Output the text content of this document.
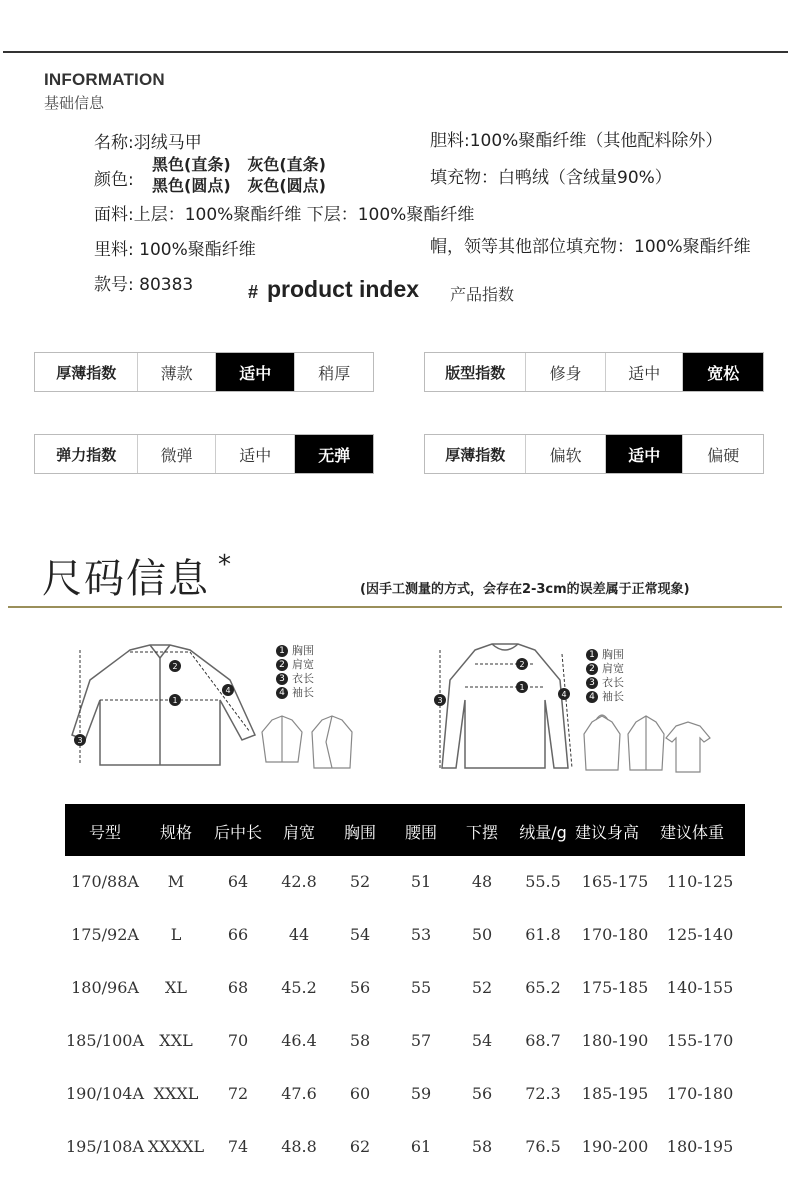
INFORMATION
基础信息
名称:羽绒马甲	胆料:100%聚酯纤维（其他配料除外）
颜色:
黑色(直条)   灰色(直条)
黑色(圆点)   灰色(圆点)	填充物：白鸭绒（含绒量90%）
面料:上层：100%聚酯纤维 下层：100%聚酯纤维
里料: 100%聚酯纤维	帽，领等其他部位填充物：100%聚酯纤维
款号: 80383	# product index 产品指数
厚薄指数	薄款	适中	稍厚	版型指数	修身	适中	宽松
弹力指数	微弹	适中	无弹	厚薄指数	偏软	适中	偏硬
尺码信息 *
(因手工测量的方式，会存在2-3cm的误差属于正常现象)
1
2
3
4
1 胸围
2 肩宽
3 衣长
4 袖长	1
2
3
4
1 胸围
2 肩宽
3 衣长
4 袖长
号型 规格 后中长 肩宽 胸围 腰围 下摆 绒量/g 建议身高 建议体重
170/88A M	64 42.8 52	51	48 55.5 165-175 110-125
175/92A L	66	44	54	53	50 61.8 170-180 125-140
180/96A XL	68 45.2 56	55	52 65.2 175-185 140-155
185/100A XXL 70 46.4 58	57	54 68.7 180-190 155-170
190/104A XXXL 72 47.6 60	59	56 72.3 185-195 170-180
195/108A XXXXL 74 48.8 62	61	58 76.5 190-200 180-195
